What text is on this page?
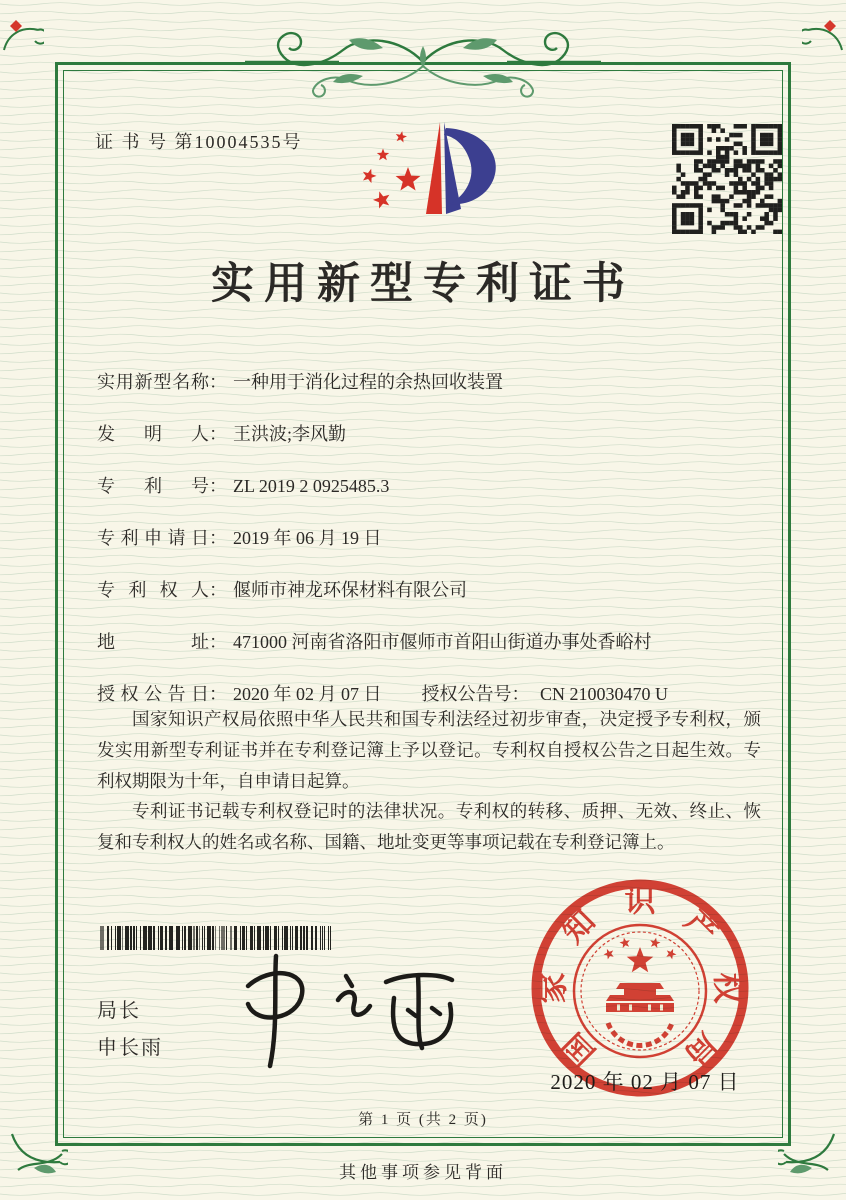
证 书 号 第10004535号
实用新型专利证书
实用新型名称 ： 一种用于消化过程的余热回收装置
发明人 ： 王洪波;李风勤
专利号 ： ZL 2019 2 0925485.3
专利申请日 ： 2019 年 06 月 19 日
专利权人 ： 偃师市神龙环保材料有限公司
地址 ： 471000 河南省洛阳市偃师市首阳山街道办事处香峪村
授权公告日 ： 2020 年 02 月 07 日 授权公告号： CN 210030470 U

国家知识产权局依照中华人民共和国专利法经过初步审查，决定授予专利权，颁发实用新型专利证书并在专利登记簿上予以登记。专利权自授权公告之日起生效。专利权期限为十年，自申请日起算。

专利证书记载专利权登记时的法律状况。专利权的转移、质押、无效、终止、恢复和专利权人的姓名或名称、国籍、地址变更等事项记载在专利登记簿上。

局长
申长雨	国
家
知
识
产
权
局
2020 年 02 月 07 日
第 1 页 (共 2 页)
其他事项参见背面
